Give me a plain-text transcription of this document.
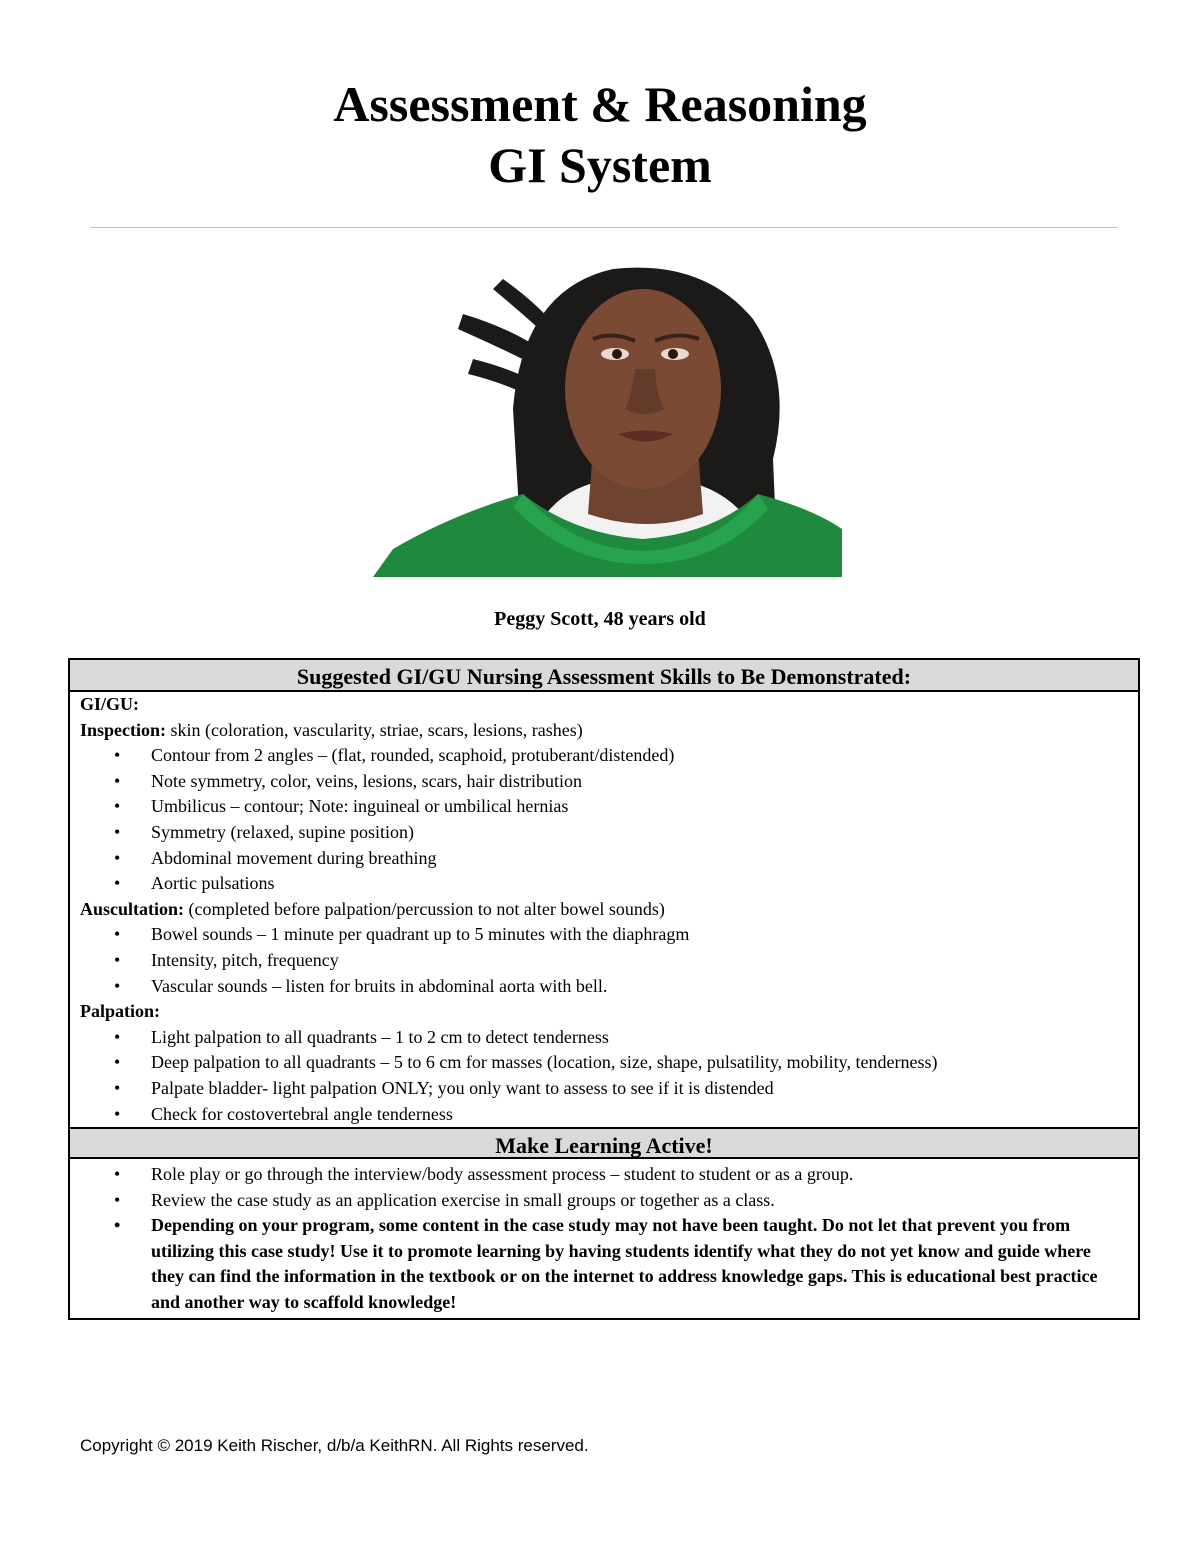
Assessment & Reasoning
GI System
Peggy Scott, 48 years old
Suggested GI/GU Nursing Assessment Skills to Be Demonstrated:
GI/GU:
Inspection: skin (coloration, vascularity, striae, scars, lesions, rashes)
• Contour from 2 angles – (flat, rounded, scaphoid, protuberant/distended)
• Note symmetry, color, veins, lesions, scars, hair distribution
• Umbilicus – contour; Note: inguineal or umbilical hernias
• Symmetry (relaxed, supine position)
• Abdominal movement during breathing
• Aortic pulsations
Auscultation: (completed before palpation/percussion to not alter bowel sounds)
• Bowel sounds – 1 minute per quadrant up to 5 minutes with the diaphragm
• Intensity, pitch, frequency
• Vascular sounds – listen for bruits in abdominal aorta with bell.
Palpation:
• Light palpation to all quadrants – 1 to 2 cm to detect tenderness
• Deep palpation to all quadrants – 5 to 6 cm for masses (location, size, shape, pulsatility, mobility, tenderness)
• Palpate bladder- light palpation ONLY; you only want to assess to see if it is distended
• Check for costovertebral angle tenderness
Make Learning Active!
• Role play or go through the interview/body assessment process – student to student or as a group.
• Review the case study as an application exercise in small groups or together as a class.
• Depending on your program, some content in the case study may not have been taught. Do not let that prevent you from utilizing this case study! Use it to promote learning by having students identify what they do not yet know and guide where they can find the information in the textbook or on the internet to address knowledge gaps. This is educational best practice and another way to scaffold knowledge!
Copyright © 2019 Keith Rischer, d/b/a KeithRN. All Rights reserved.
